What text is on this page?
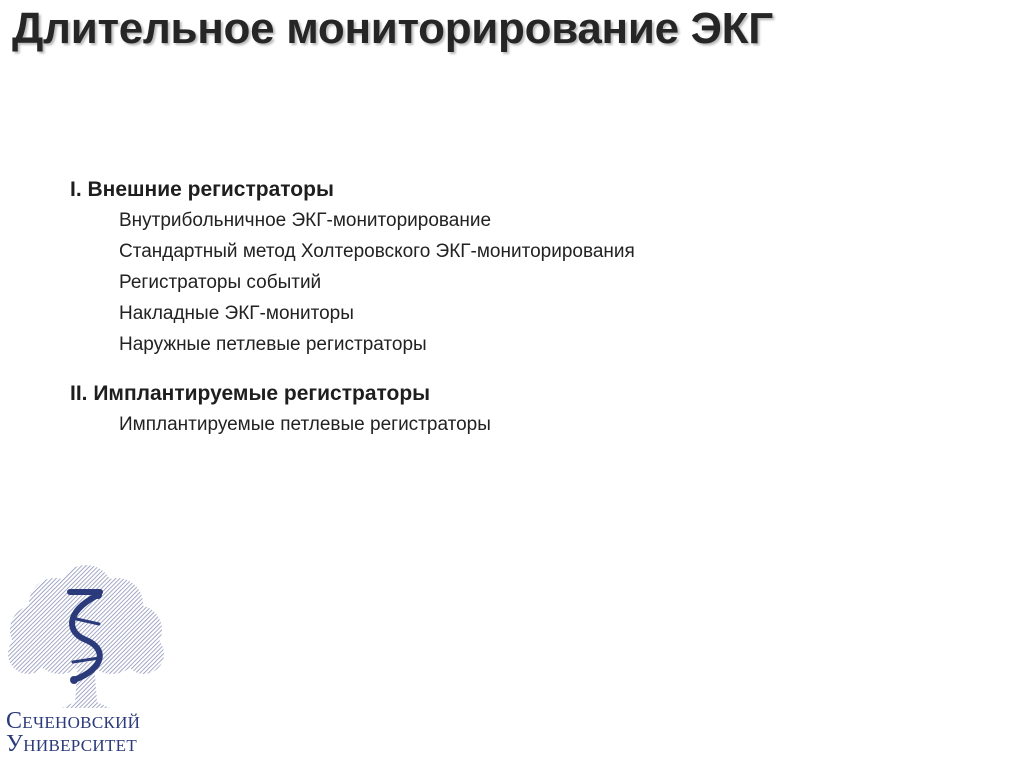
Длительное мониторирование ЭКГ
I. Внешние регистраторы
Внутрибольничное ЭКГ-мониторирование
Стандартный метод Холтеровского ЭКГ-мониторирования
Регистраторы событий
Накладные ЭКГ-мониторы
Наружные петлевые регистраторы
II. Имплантируемые регистраторы
Имплантируемые петлевые регистраторы
Сеченовский
Университет
